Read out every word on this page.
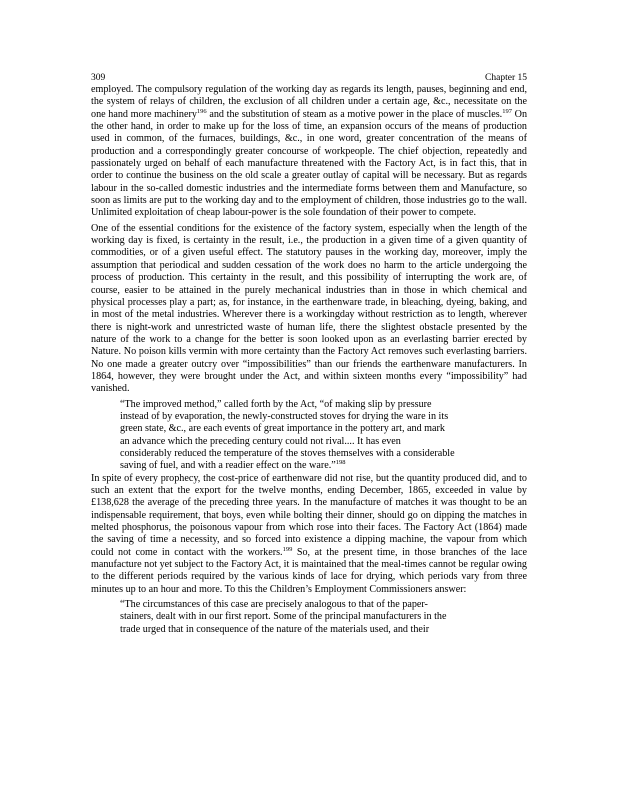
309	Chapter 15

employed. The compulsory regulation of the working day as regards its length, pauses, beginning and end, the system of relays of children, the exclusion of all children under a certain age, &c., necessitate on the one hand more machinery$^{196}$ and the substitution of steam as a motive power in the place of muscles.$^{197}$ On the other hand, in order to make up for the loss of time, an expansion occurs of the means of production used in common, of the furnaces, buildings, &c., in one word, greater concentration of the means of production and a correspondingly greater concourse of workpeople. The chief objection, repeatedly and passionately urged on behalf of each manufacture threatened with the Factory Act, is in fact this, that in order to continue the business on the old scale a greater outlay of capital will be necessary. But as regards labour in the so-called domestic industries and the intermediate forms between them and Manufacture, so soon as limits are put to the working day and to the employment of children, those industries go to the wall. Unlimited exploitation of cheap labour-power is the sole foundation of their power to compete.

One of the essential conditions for the existence of the factory system, especially when the length of the working day is fixed, is certainty in the result, i.e., the production in a given time of a given quantity of commodities, or of a given useful effect. The statutory pauses in the working day, moreover, imply the assumption that periodical and sudden cessation of the work does no harm to the article undergoing the process of production. This certainty in the result, and this possibility of interrupting the work are, of course, easier to be attained in the purely mechanical industries than in those in which chemical and physical processes play a part; as, for instance, in the earthenware trade, in bleaching, dyeing, baking, and in most of the metal industries. Wherever there is a workingday without restriction as to length, wherever there is night-work and unrestricted waste of human life, there the slightest obstacle presented by the nature of the work to a change for the better is soon looked upon as an everlasting barrier erected by Nature. No poison kills vermin with more certainty than the Factory Act removes such everlasting barriers. No one made a greater outcry over “impossibilities” than our friends the earthenware manufacturers. In 1864, however, they were brought under the Act, and within sixteen months every “impossibility” had vanished.

“The improved method,” called forth by the Act, “of making slip by pressure
instead of by evaporation, the newly-constructed stoves for drying the ware in its
green state, &c., are each events of great importance in the pottery art, and mark
an advance which the preceding century could not rival.... It has even
considerably reduced the temperature of the stoves themselves with a considerable
saving of fuel, and with a readier effect on the ware.”$^{198}$

In spite of every prophecy, the cost-price of earthenware did not rise, but the quantity produced did, and to such an extent that the export for the twelve months, ending December, 1865, exceeded in value by £138,628 the average of the preceding three years. In the manufacture of matches it was thought to be an indispensable requirement, that boys, even while bolting their dinner, should go on dipping the matches in melted phosphorus, the poisonous vapour from which rose into their faces. The Factory Act (1864) made the saving of time a necessity, and so forced into existence a dipping machine, the vapour from which could not come in contact with the workers.$^{199}$ So, at the present time, in those branches of the lace manufacture not yet subject to the Factory Act, it is maintained that the meal-times cannot be regular owing to the different periods required by the various kinds of lace for drying, which periods vary from three minutes up to an hour and more. To this the Children’s Employment Commissioners answer:

“The circumstances of this case are precisely analogous to that of the paper-
stainers, dealt with in our first report. Some of the principal manufacturers in the
trade urged that in consequence of the nature of the materials used, and their
